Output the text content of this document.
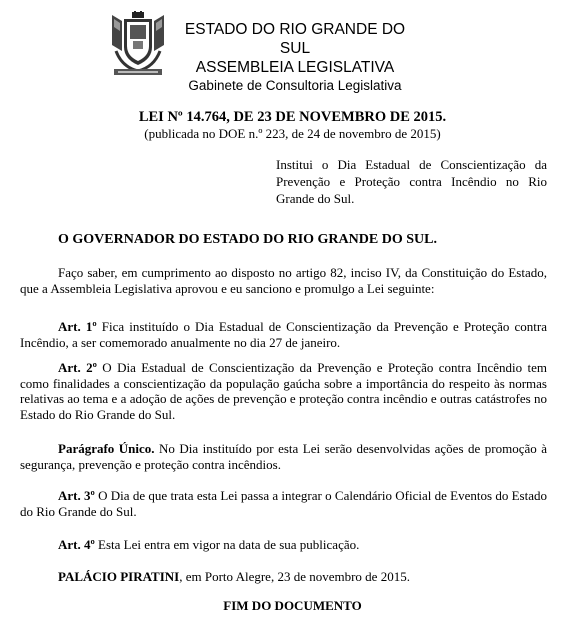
ESTADO DO RIO GRANDE DO SUL
ASSEMBLEIA LEGISLATIVA
Gabinete de Consultoria Legislativa
LEI Nº 14.764, DE 23 DE NOVEMBRO DE 2015.
(publicada no DOE n.º 223, de 24 de novembro de 2015)
Institui o Dia Estadual de Conscientização da Prevenção e Proteção contra Incêndio no Rio Grande do Sul.
O GOVERNADOR DO ESTADO DO RIO GRANDE DO SUL.
Faço saber, em cumprimento ao disposto no artigo 82, inciso IV, da Constituição do Estado, que a Assembleia Legislativa aprovou e eu sanciono e promulgo a Lei seguinte:
Art. 1º Fica instituído o Dia Estadual de Conscientização da Prevenção e Proteção contra Incêndio, a ser comemorado anualmente no dia 27 de janeiro.
Art. 2º O Dia Estadual de Conscientização da Prevenção e Proteção contra Incêndio tem como finalidades a conscientização da população gaúcha sobre a importância do respeito às normas relativas ao tema e a adoção de ações de prevenção e proteção contra incêndio e outras catástrofes no Estado do Rio Grande do Sul.
Parágrafo Único. No Dia instituído por esta Lei serão desenvolvidas ações de promoção à segurança, prevenção e proteção contra incêndios.
Art. 3º O Dia de que trata esta Lei passa a integrar o Calendário Oficial de Eventos do Estado do Rio Grande do Sul.
Art. 4º Esta Lei entra em vigor na data de sua publicação.
PALÁCIO PIRATINI, em Porto Alegre, 23 de novembro de 2015.
FIM DO DOCUMENTO
